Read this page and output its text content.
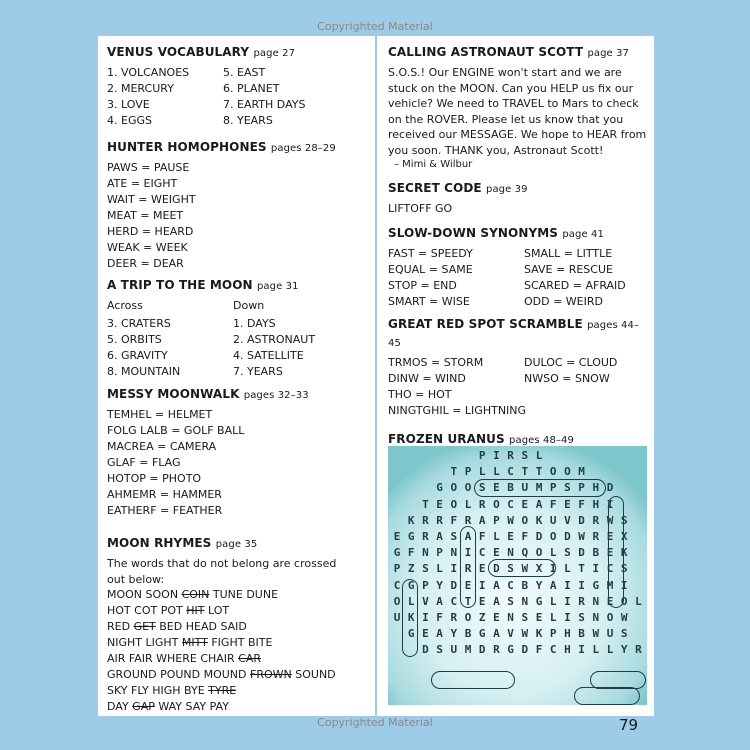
Copyrighted Material
VENUS VOCABULARY page 27
1. VOLCANOES	5. EAST
2. MERCURY	6. PLANET
3. LOVE	7. EARTH DAYS
4. EGGS	8. YEARS
HUNTER HOMOPHONES pages 28–29
PAWS = PAUSE
ATE = EIGHT
WAIT = WEIGHT
MEAT = MEET
HERD = HEARD
WEAK = WEEK
DEER = DEAR
A TRIP TO THE MOON page 31
Across	Down
3. CRATERS	1. DAYS
5. ORBITS	2. ASTRONAUT
6. GRAVITY	4. SATELLITE
8. MOUNTAIN	7. YEARS
MESSY MOONWALK pages 32–33
TEMHEL = HELMET
FOLG LALB = GOLF BALL
MACREA = CAMERA
GLAF = FLAG
HOTOP = PHOTO
AHMEMR = HAMMER
EATHERF = FEATHER
MOON RHYMES page 35
The words that do not belong are crossed out below:
MOON SOON COIN TUNE DUNE
HOT COT POT HIT LOT
RED GET BED HEAD SAID
NIGHT LIGHT MITT FIGHT BITE
AIR FAIR WHERE CHAIR CAR
GROUND POUND MOUND FROWN SOUND
SKY FLY HIGH BYE TYRE
DAY GAP WAY SAY PAY
CALLING ASTRONAUT SCOTT page 37
S.O.S.! Our ENGINE won't start and we are stuck on the MOON. Can you HELP us fix our vehicle? We need to TRAVEL to Mars to check on the ROVER. Please let us know that you received our MESSAGE. We hope to HEAR from you soon. THANK you, Astronaut Scott!
– Mimi & Wilbur
SECRET CODE page 39
LIFTOFF GO
SLOW-DOWN SYNONYMS page 41
FAST = SPEEDY	SMALL = LITTLE
EQUAL = SAME	SAVE = RESCUE
STOP = END	SCARED = AFRAID
SMART = WISE	ODD = WEIRD
GREAT RED SPOT SCRAMBLE pages 44–45
TRMOS = STORM	DULOC = CLOUD
DINW = WIND	NWSO = SNOW
THO = HOT
NINGTGHIL = LIGHTNING
FROZEN URANUS pages 48–49
P I R S L
T P L L C T T O O M
G O O S E B U M P S P H D
T E O L R O C E A F E F H I
K R R F R A P W O K U V D R W S
E G R A S A F L E F D O D W R E X
G F N P N I C E N Q O L S D B E K
P Z S L I R E D S W X I L T I C S
C G P Y D E I A C B Y A I I G M I
O L V A C T E A S N G L I R N E O L
U K I F R O Z E N S E L I S N O W
G E A Y B G A V W K P H B W U S
D S U M D R G D F C H I L L Y R
79
Copyrighted Material
